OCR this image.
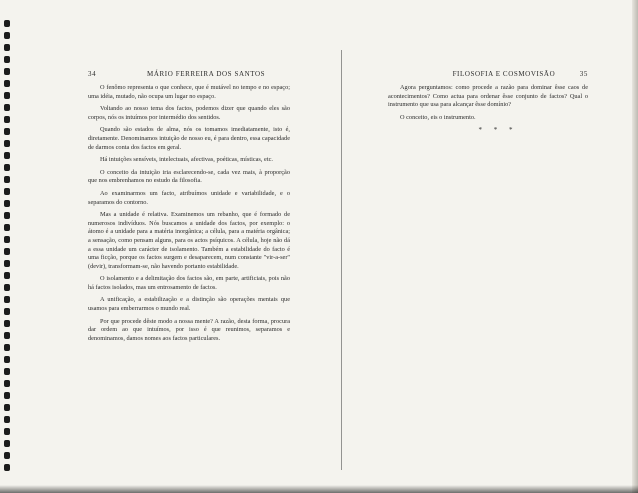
34	MÁRIO FERREIRA DOS SANTOS

O fenômo representa o que conhece, que é mutável no tempo e no espaço; uma idéia, mutado, não ocupa um lugar no espaço.

Voltando ao nosso tema dos factos, podemos dizer que quando eles são corpos, nós os intuímos por intermédio dos sentidos.

Quando são estados de alma, nós os tomamos imediatamente, isto é, diretamente. Denominamos intuição de nosso eu, é para dentro, essa capacidade de darmos conta dos factos em geral.

Há intuições sensíveis, intelectuais, afectivas, poéticas, místicas, etc.

O conceito da intuição iria esclarecendo-se, cada vez mais, à proporção que nos embrenhamos no estudo da filosofia.

Ao examinarmos um facto, atribuímos unidade e variabilidade, e o separamos do contorno.

Mas a unidade é relativa. Examinemos um rebanho, que é formado de numerosos indivíduos. Nós buscamos a unidade dos factos, por exemplo: o átomo é a unidade para a matéria inorgânica; a célula, para a matéria orgânica; a sensação, como pensam alguns, para os actos psíquicos. A célula, hoje não dá a essa unidade um carácter de isolamento. Também a estabilidade do facto é uma ficção, porque os factos surgem e desaparecem, num constante "vir-a-ser" (devir), transformam-se, não havendo portanto estabilidade.

O isolamento e a delimitação dos factos são, em parte, artificiais, pois não há factos isolados, mas um entrosamento de factos.

A unificação, a estabilização e a distinção são operações mentais que usamos para emberrarmos o mundo real.

Por que procede dêste modo a nossa mente? A razão, desta forma, procura dar ordem ao que intuímos, por isso é que reunimos, separamos e denominamos, damos nomes aos factos particulares.

FILOSOFIA E COSMOVISÃO	35

Agora perguntamos: como procede a razão para dominar êsse caos de acontecimentos? Como actua para ordenar êsse conjunto de factos? Qual o instrumento que usa para alcançar êsse domínio?

O conceito, eis o instrumento.

* * *
